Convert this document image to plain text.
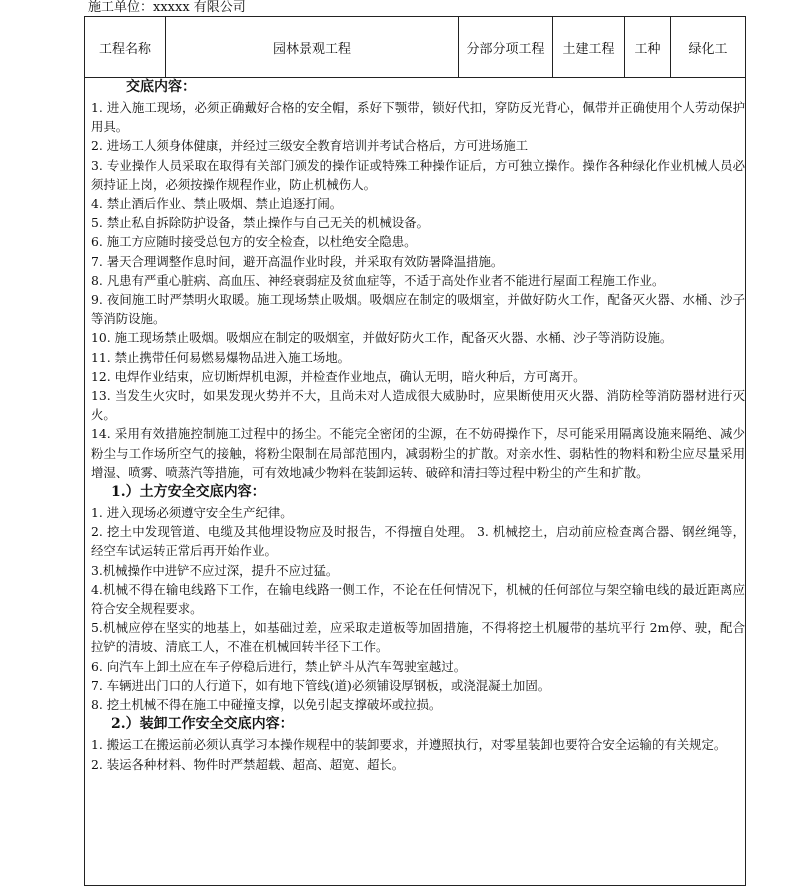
施工单位：xxxxx 有限公司
工程名称	园林景观工程	分部分项工程	土建工程	工种	绿化工
交底内容：

1. 进入施工现场，必须正确戴好合格的安全帽，系好下颚带，锁好代扣，穿防反光背心，佩带并正确使用个人劳动保护用具。

2. 进场工人须身体健康，并经过三级安全教育培训并考试合格后，方可进场施工

3. 专业操作人员采取在取得有关部门颁发的操作证或特殊工种操作证后，方可独立操作。操作各种绿化作业机械人员必须持证上岗，必须按操作规程作业，防止机械伤人。

4. 禁止酒后作业、禁止吸烟、禁止追逐打闹。

5. 禁止私自拆除防护设备，禁止操作与自己无关的机械设备。

6. 施工方应随时接受总包方的安全检查，以杜绝安全隐患。

7. 暑天合理调整作息时间，避开高温作业时段，并采取有效防暑降温措施。

8. 凡患有严重心脏病、高血压、神经衰弱症及贫血症等，不适于高处作业者不能进行屋面工程施工作业。

9. 夜间施工时严禁明火取暖。施工现场禁止吸烟。吸烟应在制定的吸烟室，并做好防火工作，配备灭火器、水桶、沙子等消防设施。

10. 施工现场禁止吸烟。吸烟应在制定的吸烟室，并做好防火工作，配备灭火器、水桶、沙子等消防设施。

11. 禁止携带任何易燃易爆物品进入施工场地。

12. 电焊作业结束，应切断焊机电源，并检查作业地点，确认无明，暗火种后，方可离开。

13. 当发生火灾时，如果发现火势并不大，且尚未对人造成很大威胁时，应果断使用灭火器、消防栓等消防器材进行灭火。

14. 采用有效措施控制施工过程中的扬尘。不能完全密闭的尘源，在不妨碍操作下，尽可能采用隔离设施来隔绝、减少粉尘与工作场所空气的接触，将粉尘限制在局部范围内，减弱粉尘的扩散。对亲水性、弱粘性的物料和粉尘应尽量采用增湿、喷雾、喷蒸汽等措施，可有效地减少物料在装卸运转、破碎和清扫等过程中粉尘的产生和扩散。

1.）土方安全交底内容：

1. 进入现场必须遵守安全生产纪律。

2. 挖土中发现管道、电缆及其他埋设物应及时报告，不得擅自处理。 3. 机械挖土，启动前应检查离合器、钢丝绳等，经空车试运转正常后再开始作业。

3.机械操作中进铲不应过深，提升不应过猛。

4.机械不得在输电线路下工作，在输电线路一侧工作，不论在任何情况下，机械的任何部位与架空输电线的最近距离应符合安全规程要求。

5.机械应停在坚实的地基上，如基础过差，应采取走道板等加固措施，不得将挖土机履带的基坑平行 2m停、驶，配合拉铲的清坡、清底工人，不准在机械回转半径下工作。

6. 向汽车上卸土应在车子停稳后进行，禁止铲斗从汽车驾驶室越过。

7. 车辆进出门口的人行道下，如有地下管线(道)必须铺设厚钢板，或浇混凝土加固。

8. 挖土机械不得在施工中碰撞支撑，以免引起支撑破坏或拉损。

2.）装卸工作安全交底内容：

1. 搬运工在搬运前必须认真学习本操作规程中的装卸要求，并遵照执行，对零星装卸也要符合安全运输的有关规定。

2. 装运各种材料、物件时严禁超载、超高、超宽、超长。
